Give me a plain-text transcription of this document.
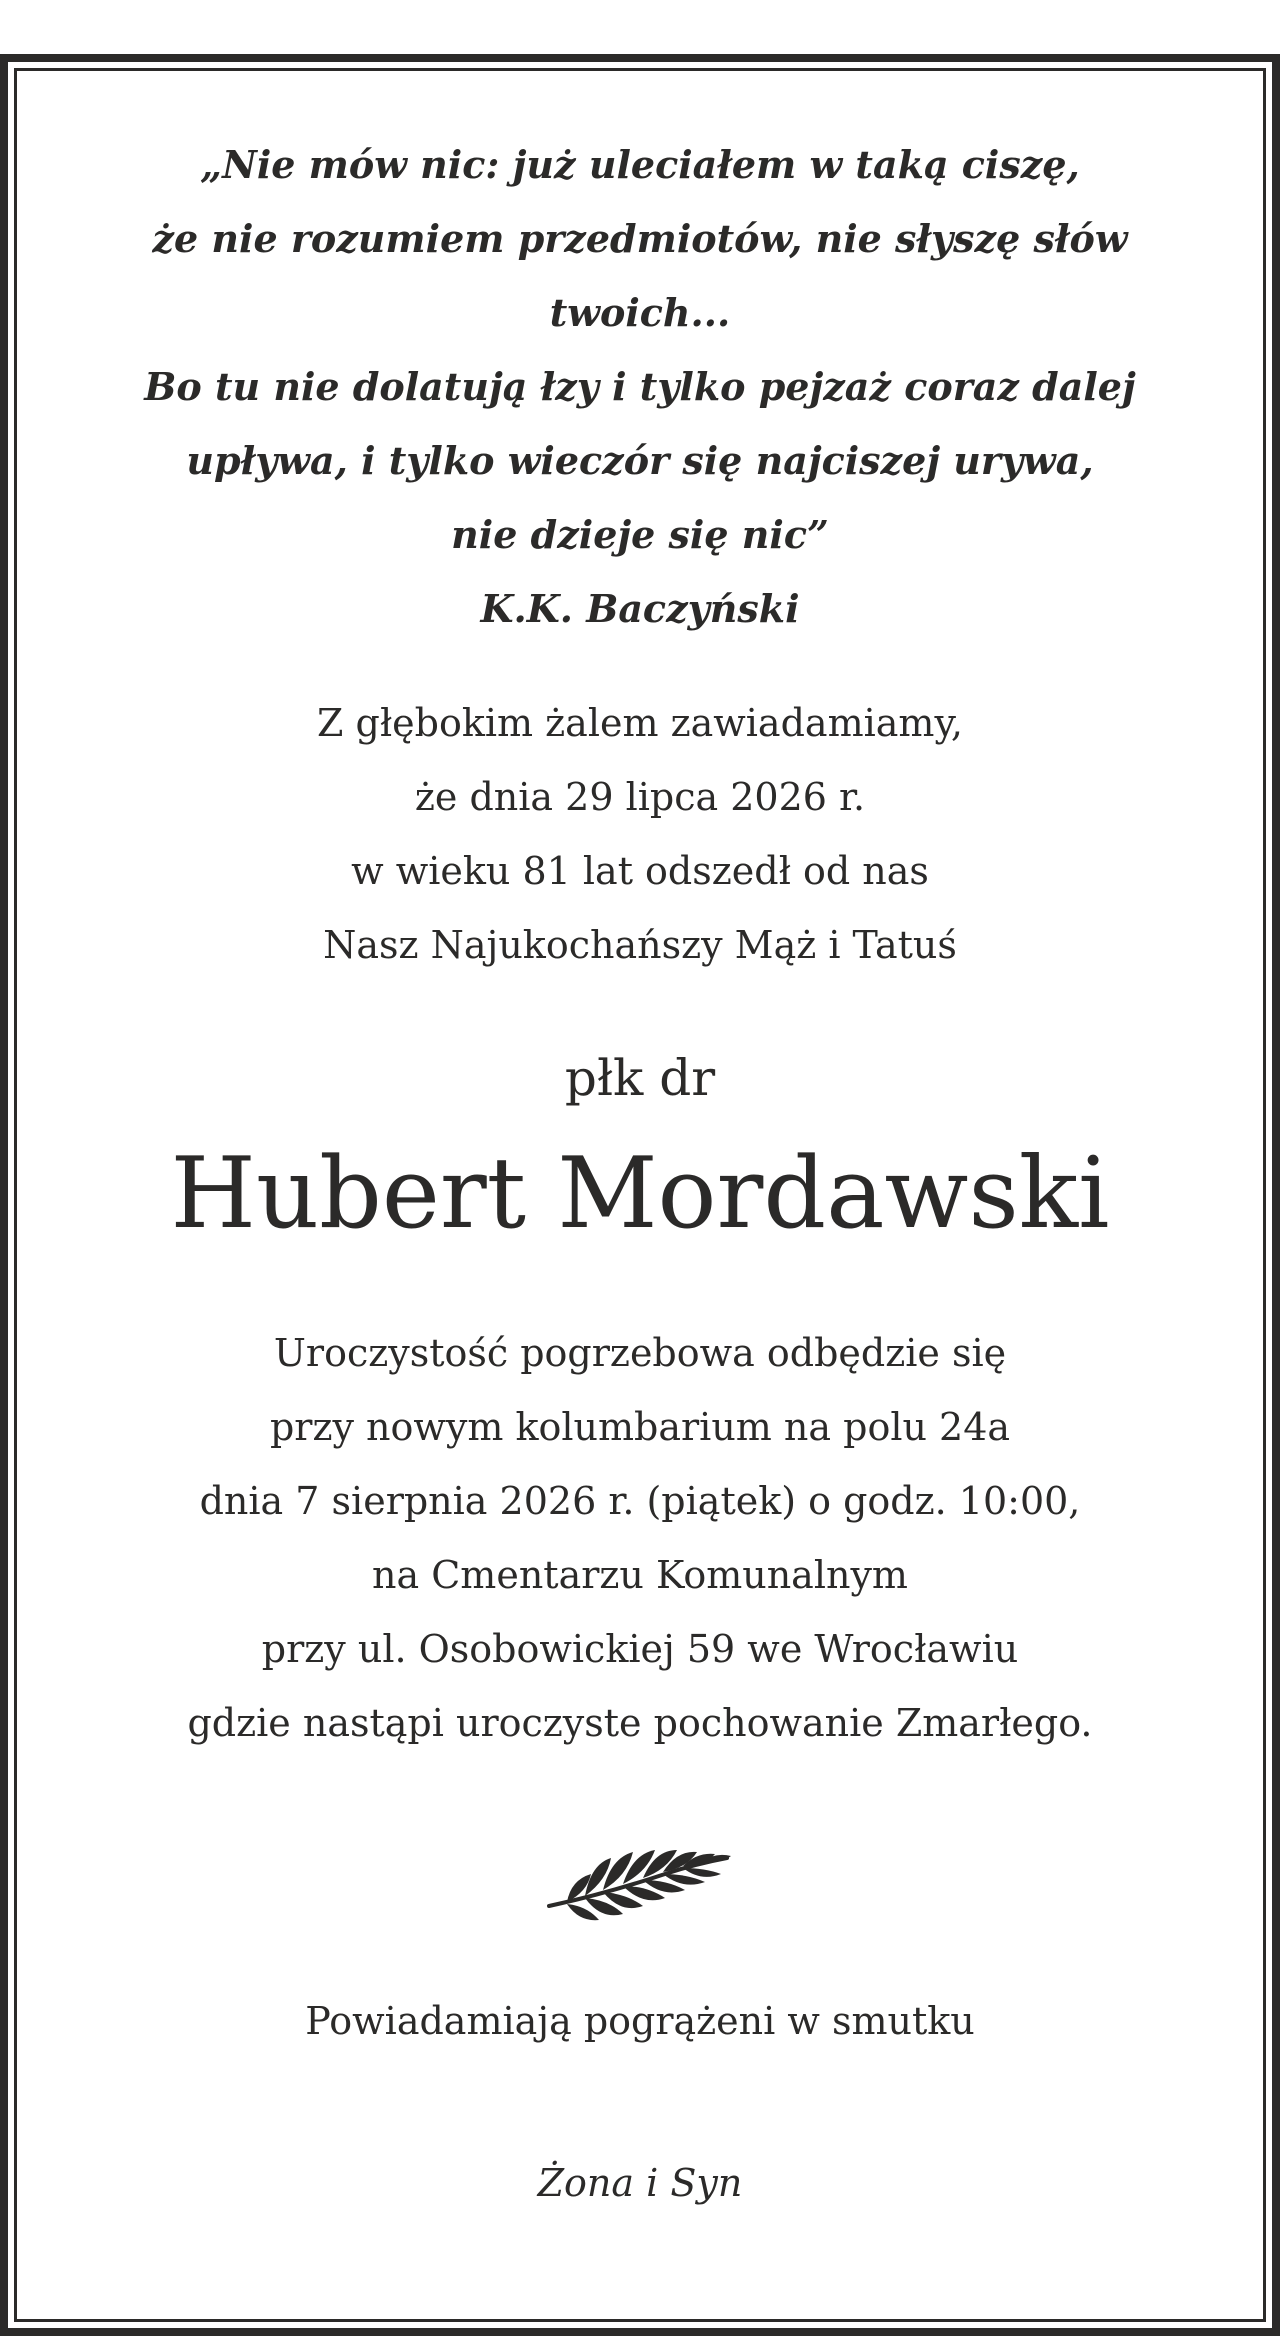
„Nie mów nic: już uleciałem w taką ciszę,
że nie rozumiem przedmiotów, nie słyszę słów
twoich...
Bo tu nie dolatują łzy i tylko pejzaż coraz dalej
upływa, i tylko wieczór się najciszej urywa,
nie dzieje się nic”
K.K. Baczyński
Z głębokim żalem zawiadamiamy,
że dnia 29 lipca 2026 r.
w wieku 81 lat odszedł od nas
Nasz Najukochańszy Mąż i Tatuś
płk dr
Hubert Mordawski
Uroczystość pogrzebowa odbędzie się
przy nowym kolumbarium na polu 24a
dnia 7 sierpnia 2026 r. (piątek) o godz. 10:00,
na Cmentarzu Komunalnym
przy ul. Osobowickiej 59 we Wrocławiu
gdzie nastąpi uroczyste pochowanie Zmarłego.
Powiadamiają pogrążeni w smutku
Żona i Syn
